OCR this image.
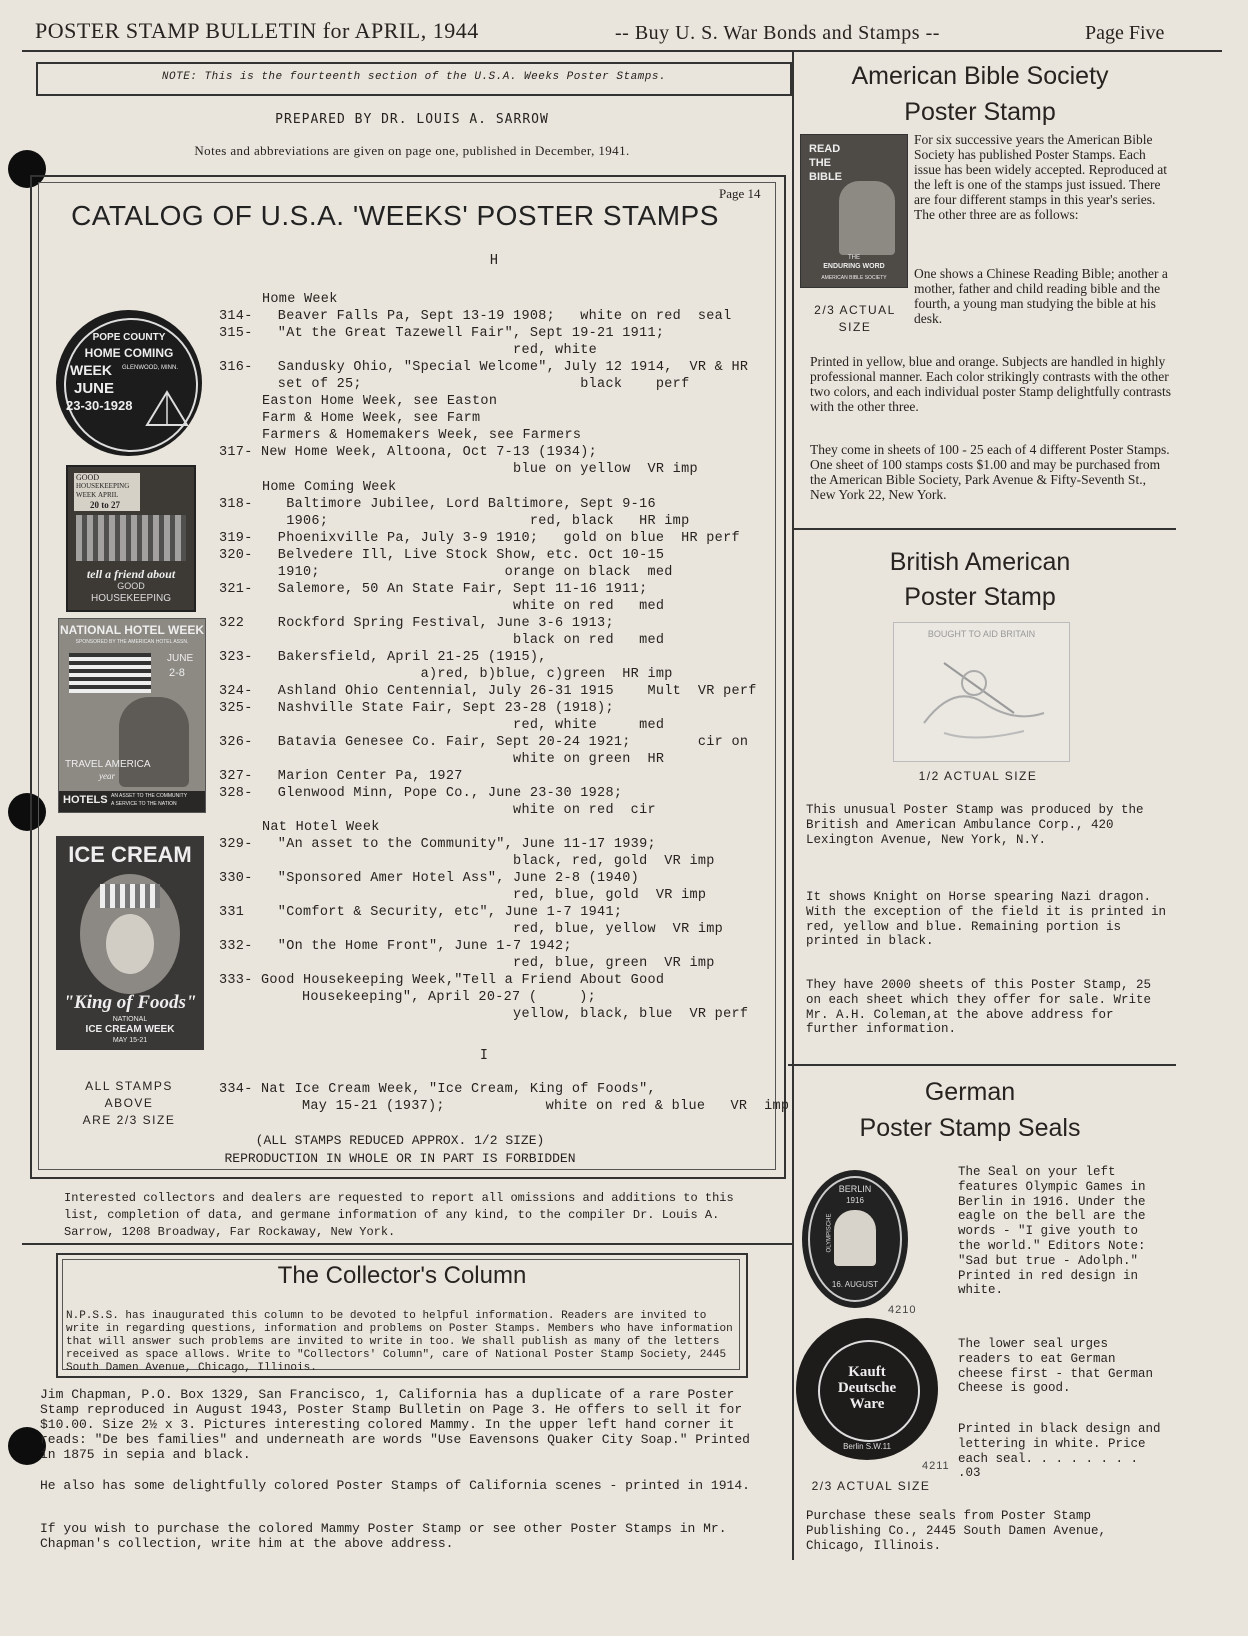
POSTER STAMP BULLETIN for APRIL, 1944	-- Buy U. S. War Bonds and Stamps --	Page Five
NOTE: This is the fourteenth section of the U.S.A. Weeks Poster Stamps.
PREPARED BY DR. LOUIS A. SARROW
Notes and abbreviations are given on page one, published in December, 1941.
Page 14
CATALOG OF U.S.A. 'WEEKS' POSTER STAMPS
H
I
Home Week
314-   Beaver Falls Pa, Sept 13-19 1908;   white on red  seal
315-   "At the Great Tazewell Fair", Sept 19-21 1911;
red, white
316-   Sandusky Ohio, "Special Welcome", July 12 1914,  VR & HR
set of 25;                          black    perf
Easton Home Week, see Easton
Farm & Home Week, see Farm
Farmers & Homemakers Week, see Farmers
317- New Home Week, Altoona, Oct 7-13 (1934);
blue on yellow  VR imp
Home Coming Week
318-    Baltimore Jubilee, Lord Baltimore, Sept 9-16
1906;                        red, black   HR imp
319-   Phoenixville Pa, July 3-9 1910;   gold on blue  HR perf
320-   Belvedere Ill, Live Stock Show, etc. Oct 10-15
1910;                      orange on black  med
321-   Salemore, 50 An State Fair, Sept 11-16 1911;
white on red   med
322    Rockford Spring Festival, June 3-6 1913;
black on red   med
323-   Bakersfield, April 21-25 (1915),
a)red, b)blue, c)green  HR imp
324-   Ashland Ohio Centennial, July 26-31 1915    Mult  VR perf
325-   Nashville State Fair, Sept 23-28 (1918);
red, white     med
326-   Batavia Genesee Co. Fair, Sept 20-24 1921;        cir on
white on green  HR
327-   Marion Center Pa, 1927
328-   Glenwood Minn, Pope Co., June 23-30 1928;
white on red  cir
Nat Hotel Week
329-   "An asset to the Community", June 11-17 1939;
black, red, gold  VR imp
330-   "Sponsored Amer Hotel Ass", June 2-8 (1940)
red, blue, gold  VR imp
331    "Comfort & Security, etc", June 1-7 1941;
red, blue, yellow  VR imp
332-   "On the Home Front", June 1-7 1942;
red, blue, green  VR imp
333- Good Housekeeping Week,"Tell a Friend About Good
Housekeeping", April 20-27 (     );
yellow, black, blue  VR perf
334- Nat Ice Cream Week, "Ice Cream, King of Foods",
May 15-21 (1937);            white on red & blue   VR  imp
POPE COUNTY
HOME COMING
WEEK GLENWOOD, MINN.
JUNE
23-30-1928
GOOD
HOUSEKEEPING
WEEK APRIL
20 to 27
tell a friend about
GOOD
HOUSEKEEPING
NATIONAL HOTEL WEEK
SPONSORED BY THE AMERICAN HOTEL ASSN.
JUNE
2-8
TRAVEL AMERICA
year
HOTELS AN ASSET TO THE COMMUNITY
A SERVICE TO THE NATION
ICE CREAM
"King of Foods"
NATIONAL
ICE CREAM WEEK
MAY 15-21
ALL STAMPS
ABOVE
ARE 2/3 SIZE
(ALL STAMPS REDUCED APPROX. 1/2 SIZE)
REPRODUCTION IN WHOLE OR IN PART IS FORBIDDEN
Interested collectors and dealers are requested to report all omissions and additions to this list, completion of data, and germane information of any kind, to the compiler Dr. Louis A. Sarrow, 1208 Broadway, Far Rockaway, New York.
The Collector's Column
N.P.S.S. has inaugurated this column to be devoted to helpful information. Readers are invited to write in regarding questions, information and problems on Poster Stamps. Members who have information that will answer such problems are invited to write in too. We shall publish as many of the letters received as space allows. Write to "Collectors' Column", care of National Poster Stamp Society, 2445 South Damen Avenue, Chicago, Illinois.
Jim Chapman, P.O. Box 1329, San Francisco, 1, California has a duplicate of a rare Poster Stamp reproduced in August 1943, Poster Stamp Bulletin on Page 3. He offers to sell it for $10.00. Size 2½ x 3. Pictures interesting colored Mammy. In the upper left hand corner it reads: "De bes families" and underneath are words "Use Eavensons Quaker City Soap." Printed in 1875 in sepia and black.
He also has some delightfully colored Poster Stamps of California scenes - printed in 1914.
If you wish to purchase the colored Mammy Poster Stamp or see other Poster Stamps in Mr. Chapman's collection, write him at the above address.
American Bible Society
Poster Stamp
READ
THE
BIBLE
THE
ENDURING WORD
AMERICAN BIBLE SOCIETY
2/3 ACTUAL
SIZE
For six successive years the American Bible Society has published Poster Stamps. Each issue has been widely accepted. Reproduced at the left is one of the stamps just issued. There are four different stamps in this year's series. The other three are as follows:
One shows a Chinese Reading Bible; another a mother, father and child reading bible and the fourth, a young man studying the bible at his desk.
Printed in yellow, blue and orange. Subjects are handled in highly professional manner. Each color strikingly contrasts with the other two colors, and each individual poster Stamp delightfully contrasts with the other three.
They come in sheets of 100 - 25 each of 4 different Poster Stamps. One sheet of 100 stamps costs $1.00 and may be purchased from the American Bible Society, Park Avenue & Fifty-Seventh St., New York 22, New York.
British American
Poster Stamp
BOUGHT TO AID BRITAIN
1/2 ACTUAL SIZE
This unusual Poster Stamp was produced by the British and American Ambulance Corp., 420 Lexington Avenue, New York, N.Y.
It shows Knight on Horse spearing Nazi dragon. With the exception of the field it is printed in red, yellow and blue. Remaining portion is printed in black.
They have 2000 sheets of this Poster Stamp, 25 on each sheet which they offer for sale. Write Mr. A.H. Coleman,at the above address for further information.
German
Poster Stamp Seals
BERLIN
1916
OLYMPISCHE
16. AUGUST
4210
Kauft
Deutsche
Ware
Berlin S.W.11
4211
2/3 ACTUAL SIZE
The Seal on your left features Olympic Games in Berlin in 1916. Under the eagle on the bell are the words - "I give youth to the world." Editors Note: "Sad but true - Adolph." Printed in red design in white.
The lower seal urges readers to eat German cheese first - that German Cheese is good.
Printed in black design and lettering in white. Price each seal. . . . . . . . .03
Purchase these seals from Poster Stamp Publishing Co., 2445 South Damen Avenue, Chicago, Illinois.
